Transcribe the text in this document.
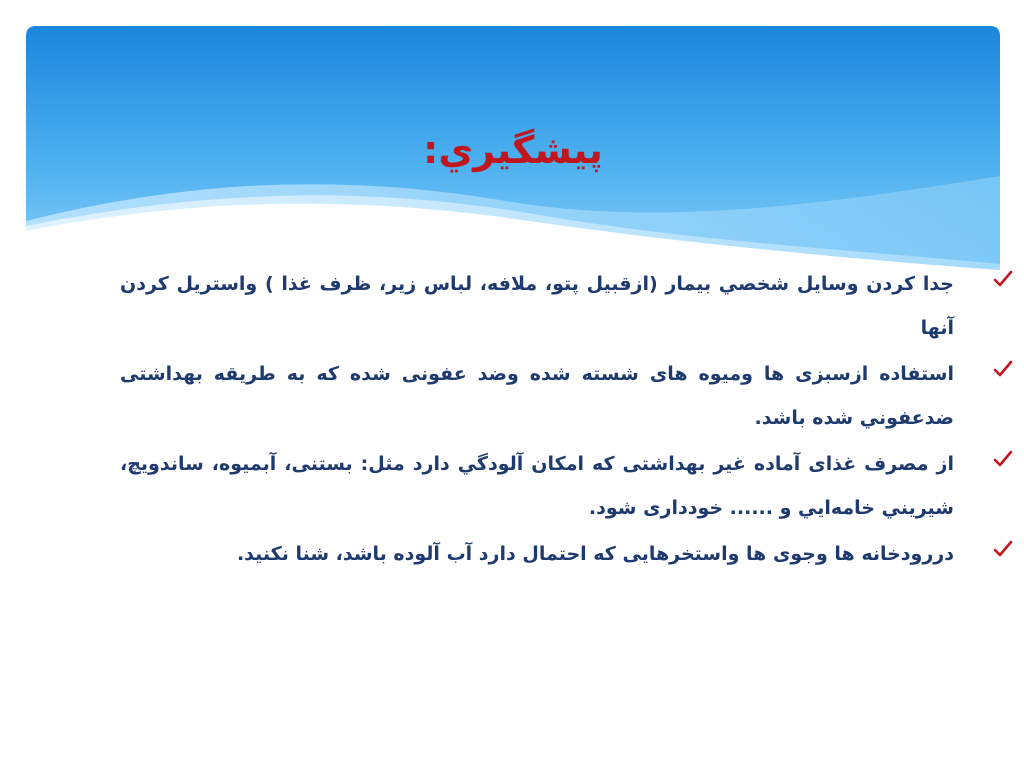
پیشگيري:
جدا كردن وسايل شخصي بيمار (ازقبيل پتو، ملافه، لباس زير، ظرف غذا ) واستريل كردن آنها
استفاده ازسبزی ها ومیوه های شسته شده وضد عفونی شده که به طریقه بهداشتی ضدعفوني شده باشد.
از مصرف غذای آماده غیر بهداشتی که امکان آلودگي دارد مثل: بستنی، آبمیوه، ساندويچ، شيريني خامه‌ايي و ...... خودداری شود.
دررودخانه ها وجوی ها واستخرهايی كه احتمال دارد آب آلوده باشد، شنا نكنيد.
